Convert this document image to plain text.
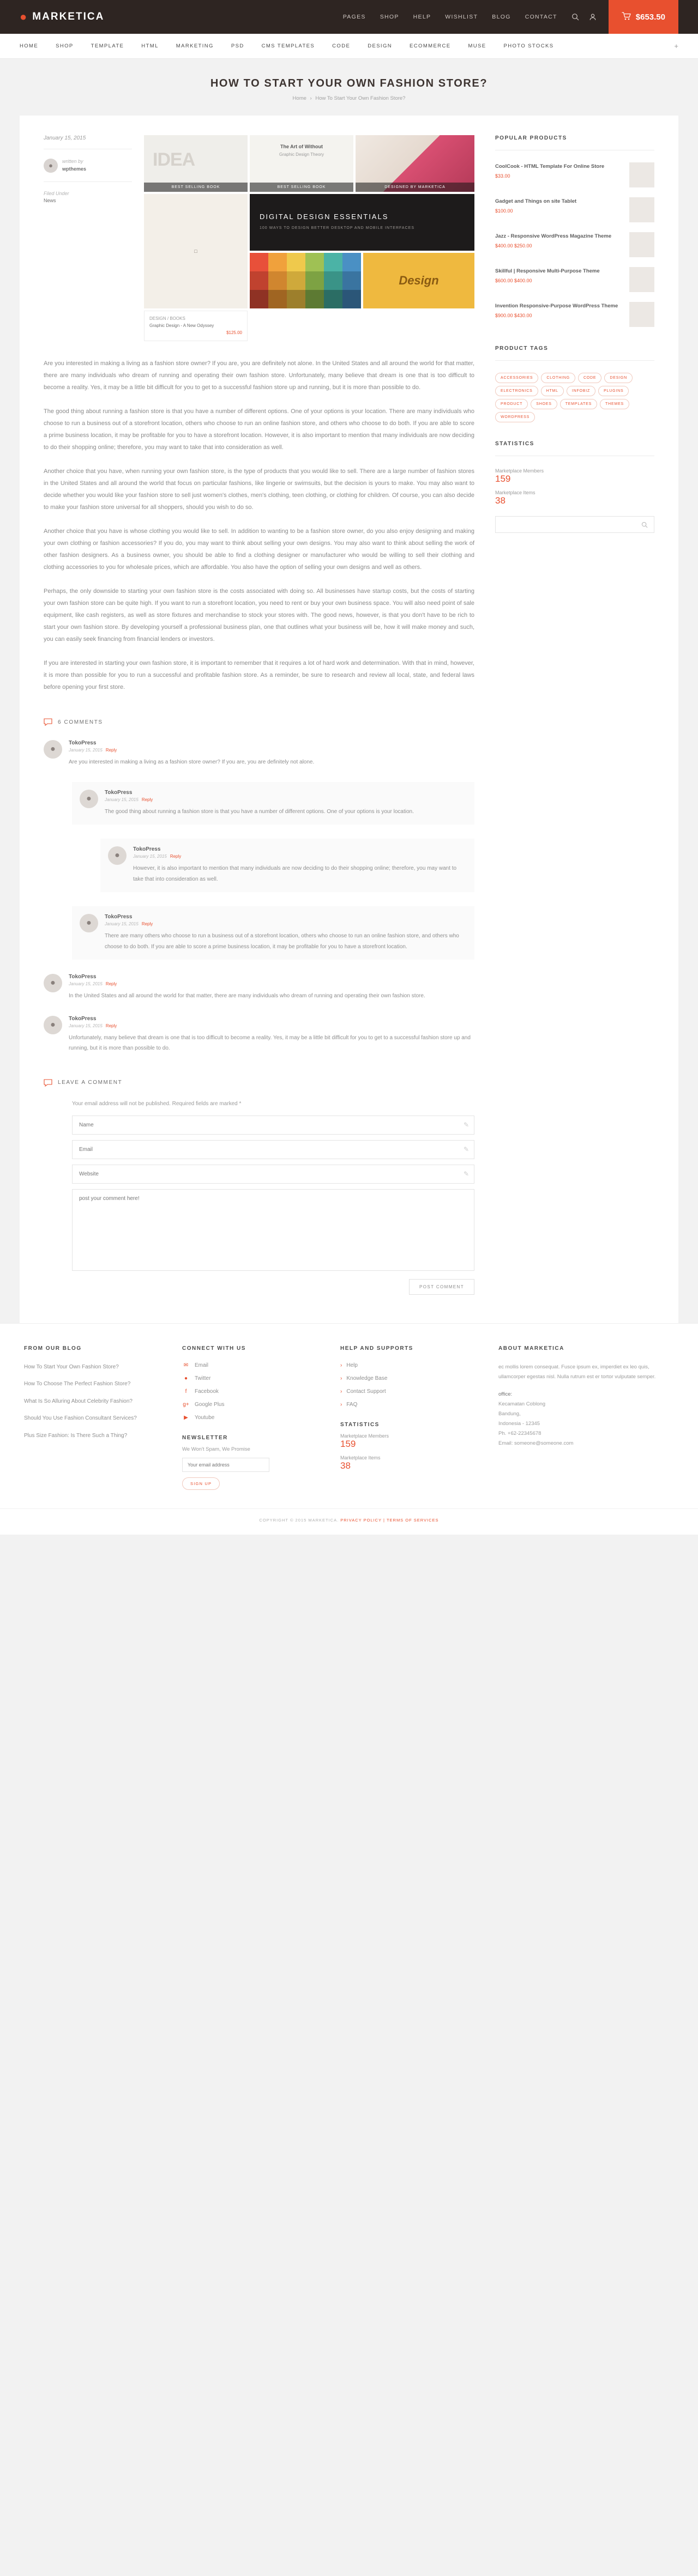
● MARKETICA	PAGES SHOP HELP WISHLIST BLOG CONTACT	$653.50
HOME	SHOP	TEMPLATE	HTML	MARKETING	PSD	CMS TEMPLATES	CODE	DESIGN	ECOMMERCE	MUSE	PHOTO STOCKS	+
HOW TO START YOUR OWN FASHION STORE?
Home › How To Start Your Own Fashion Store?
January 15, 2015
●	written by
wpthemes
Filed Under
News
IDEA
BEST SELLING BOOK
The Art of Without
Graphic Design Theory
BEST SELLING BOOK	DESIGNED BY MARKETICA
□
DESIGN / BOOKS
Graphic Design - A New Odyssey
$125.00
DIGITAL DESIGN ESSENTIALS
100 WAYS TO DESIGN BETTER DESKTOP AND MOBILE INTERFACES
Design

Are you interested in making a living as a fashion store owner? If you are, you are definitely not alone. In the United States and all around the world for that matter, there are many individuals who dream of running and operating their own fashion store. Unfortunately, many believe that dream is one that is too difficult to become a reality. Yes, it may be a little bit difficult for you to get to a successful fashion store up and running, but it is more than possible to do.

The good thing about running a fashion store is that you have a number of different options. One of your options is your location. There are many individuals who choose to run a business out of a storefront location, others who choose to run an online fashion store, and others who choose to do both. If you are able to score a prime business location, it may be profitable for you to have a storefront location. However, it is also important to mention that many individuals are now deciding to do their shopping online; therefore, you may want to take that into consideration as well.

Another choice that you have, when running your own fashion store, is the type of products that you would like to sell. There are a large number of fashion stores in the United States and all around the world that focus on particular fashions, like lingerie or swimsuits, but the decision is yours to make. You may also want to decide whether you would like your fashion store to sell just women's clothes, men's clothing, teen clothing, or clothing for children. Of course, you can also decide to make your fashion store universal for all shoppers, should you wish to do so.

Another choice that you have is whose clothing you would like to sell. In addition to wanting to be a fashion store owner, do you also enjoy designing and making your own clothing or fashion accessories? If you do, you may want to think about selling your own designs. You may also want to think about selling the work of other fashion designers. As a business owner, you should be able to find a clothing designer or manufacturer who would be willing to sell their clothing and clothing accessories to you for wholesale prices, which are affordable. You also have the option of selling your own designs and well as others.

Perhaps, the only downside to starting your own fashion store is the costs associated with doing so. All businesses have startup costs, but the costs of starting your own fashion store can be quite high. If you want to run a storefront location, you need to rent or buy your own business space. You will also need point of sale equipment, like cash registers, as well as store fixtures and merchandise to stock your stores with. The good news, however, is that you don't have to be rich to start your own fashion store. By developing yourself a professional business plan, one that outlines what your business will be, how it will make money and such, you can easily seek financing from financial lenders or investors.

If you are interested in starting your own fashion store, it is important to remember that it requires a lot of hard work and determination. With that in mind, however, it is more than possible for you to run a successful and profitable fashion store. As a reminder, be sure to research and review all local, state, and federal laws before opening your first store.

6 COMMENTS
●
TokoPress
January 15, 2015 Reply
Are you interested in making a living as a fashion store owner? If you are, you are definitely not alone.
●
TokoPress
January 15, 2015 Reply
The good thing about running a fashion store is that you have a number of different options. One of your options is your location.
●
TokoPress
January 15, 2015 Reply
However, it is also important to mention that many individuals are now deciding to do their shopping online; therefore, you may want to take that into consideration as well.
●
TokoPress
January 15, 2015 Reply
There are many others who choose to run a business out of a storefront location, others who choose to run an online fashion store, and others who choose to do both. If you are able to score a prime business location, it may be profitable for you to have a storefront location.
●
TokoPress
January 15, 2015 Reply
In the United States and all around the world for that matter, there are many individuals who dream of running and operating their own fashion store.
●
TokoPress
January 15, 2015 Reply
Unfortunately, many believe that dream is one that is too difficult to become a reality. Yes, it may be a little bit difficult for you to get to a successful fashion store up and running, but it is more than possible to do.
LEAVE A COMMENT

Your email address will not be published. Required fields are marked *

Name
✎
Email
✎
Website
✎
post your comment here!
POST COMMENT
POPULAR PRODUCTS
CoolCook - HTML Template For Online Store
$33.00
Gadget and Things on site Tablet
$100.00
Jazz - Responsive WordPress Magazine Theme
$400.00 $250.00
Skillful | Responsive Multi-Purpose Theme
$600.00 $400.00
Invention Responsive-Purpose WordPress Theme
$900.00 $430.00
PRODUCT TAGS
ACCESSORIES	CLOTHING	CODE	DESIGN
ELECTRONICS	HTML	INFOBIZ	PLUGINS
PRODUCT	SHOES	TEMPLATES	THEMES
WORDPRESS
STATISTICS
Marketplace Members
159
Marketplace Items
38
FROM OUR BLOG
How To Start Your Own Fashion Store?
How To Choose The Perfect Fashion Store?
What Is So Alluring About Celebrity Fashion?
Should You Use Fashion Consultant Services?
Plus Size Fashion: Is There Such a Thing?
CONNECT WITH US
✉ Email
●	Twitter
f	Facebook
g+ Google Plus
▶	Youtube
NEWSLETTER
We Won't Spam, We Promise
Your email address
SIGN UP
HELP AND SUPPORTS
› Help
› Knowledge Base
› Contact Support
› FAQ
STATISTICS
Marketplace Members
159
Marketplace Items
38
ABOUT MARKETICA
ec mollis lorem consequat. Fusce ipsum ex, imperdiet ex leo quis, ullamcorper egestas nisl. Nulla rutrum est er tortor vulputate semper.
office:
Kecamatan Coblong
Bandung,
Indonesia - 12345
Ph. +62-22345678
Email: someone@someone.com
COPYRIGHT © 2015 MARKETICA. PRIVACY POLICY | TERMS OF SERVICES
